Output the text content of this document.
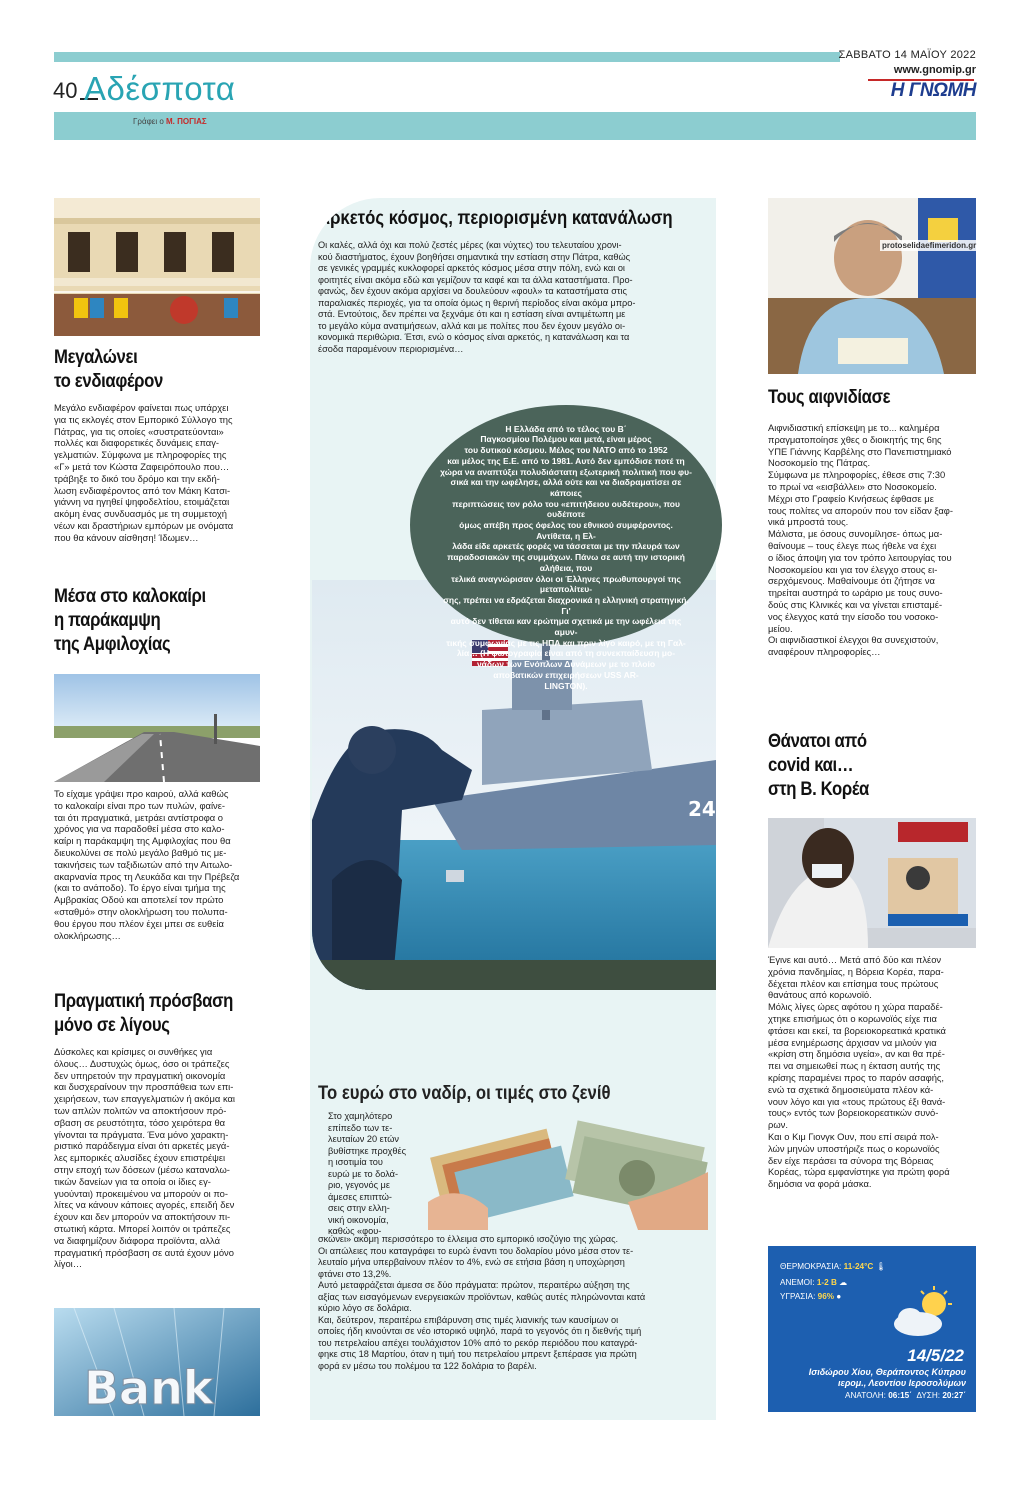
ΣΑΒΒΑΤΟ 14 ΜΑΪΟΥ 2022
www.gnomip.gr
Η ΓΝΩΜΗ
40 Αδέσποτα
Γράφει ο Μ. ΠΟΓΙΑΣ
Μεγαλώνει
το ενδιαφέρον
Μεγάλο ενδιαφέρον φαίνεται πως υπάρχει
για τις εκλογές στον Εμπορικό Σύλλογο της
Πάτρας, για τις οποίες «συστρατεύονται»
πολλές και διαφορετικές δυνάμεις επαγ-
γελματιών. Σύμφωνα με πληροφορίες της
«Γ» μετά τον Κώστα Ζαφειρόπουλο που…
τράβηξε το δικό του δρόμο και την εκδή-
λωση ενδιαφέροντος από τον Μάκη Κατσι-
γιάννη να ηγηθεί ψηφοδελτίου, ετοιμάζεται
ακόμη ένας συνδυασμός με τη συμμετοχή
νέων και δραστήριων εμπόρων με ονόματα
που θα κάνουν αίσθηση! Ίδωμεν…
Μέσα στο καλοκαίρι
η παράκαμψη
της Αμφιλοχίας
Το είχαμε γράψει προ καιρού, αλλά καθώς
το καλοκαίρι είναι προ των πυλών, φαίνε-
ται ότι πραγματικά, μετράει αντίστροφα ο
χρόνος για να παραδοθεί μέσα στο καλο-
καίρι η παράκαμψη της Αμφιλοχίας που θα
διευκολύνει σε πολύ μεγάλο βαθμό τις με-
τακινήσεις των ταξιδιωτών από την Αιτωλο-
ακαρνανία προς τη Λευκάδα και την Πρέβεζα
(και το ανάποδο). Το έργο είναι τμήμα της
Αμβρακίας Οδού και αποτελεί τον πρώτο
«σταθμό» στην ολοκλήρωση του πολυπα-
θου έργου που πλέον έχει μπει σε ευθεία
ολοκλήρωσης…
Πραγματική πρόσβαση
μόνο σε λίγους
Δύσκολες και κρίσιμες οι συνθήκες για
όλους… Δυστυχώς όμως, όσο οι τράπεζες
δεν υπηρετούν την πραγματική οικονομία
και δυσχεραίνουν την προσπάθεια των επι-
χειρήσεων, των επαγγελματιών ή ακόμα και
των απλών πολιτών να αποκτήσουν πρό-
σβαση σε ρευστότητα, τόσο χειρότερα θα
γίνονται τα πράγματα. Ένα μόνο χαρακτη-
ριστικό παράδειγμα είναι ότι αρκετές μεγά-
λες εμπορικές αλυσίδες έχουν επιστρέψει
στην εποχή των δόσεων (μέσω καταναλω-
τικών δανείων για τα οποία οι ίδιες εγ-
γυούνται) προκειμένου να μπορούν οι πο-
λίτες να κάνουν κάποιες αγορές, επειδή δεν
έχουν και δεν μπορούν να αποκτήσουν πι-
στωτική κάρτα. Μπορεί λοιπόν οι τράπεζες
να διαφημίζουν διάφορα προϊόντα, αλλά
πραγματική πρόσβαση σε αυτά έχουν μόνο
λίγοι…
Bank
Αρκετός κόσμος, περιορισμένη κατανάλωση
Οι καλές, αλλά όχι και πολύ ζεστές μέρες (και νύχτες) του τελευταίου χρονι-
κού διαστήματος, έχουν βοηθήσει σημαντικά την εστίαση στην Πάτρα, καθώς
σε γενικές γραμμές κυκλοφορεί αρκετός κόσμος μέσα στην πόλη, ενώ και οι
φοιτητές είναι ακόμα εδώ και γεμίζουν τα καφέ και τα άλλα καταστήματα. Προ-
φανώς, δεν έχουν ακόμα αρχίσει να δουλεύουν «φουλ» τα καταστήματα στις
παραλιακές περιοχές, για τα οποία όμως η θερινή περίοδος είναι ακόμα μπρο-
στά. Εντούτοις, δεν πρέπει να ξεχνάμε ότι και η εστίαση είναι αντιμέτωπη με
το μεγάλο κύμα ανατιμήσεων, αλλά και με πολίτες που δεν έχουν μεγάλο οι-
κονομικά περιθώρια. Έτσι, ενώ ο κόσμος είναι αρκετός, η κατανάλωση και τα
έσοδα παραμένουν περιορισμένα…
Το ευρώ στο ναδίρ, οι τιμές στο ζενίθ
Στο χαμηλότερο
επίπεδο των τε-
λευταίων 20 ετών
βυθίστηκε προχθές
η ισοτιμία του
ευρώ με το δολά-
ριο, γεγονός με
άμεσες επιπτώ-
σεις στην ελλη-
νική οικονομία,
καθώς «φου-
σκώνει» ακόμη περισσότερο το έλλειμα στο εμπορικό ισοζύγιο της χώρας.
Οι απώλειες που καταγράφει το ευρώ έναντι του δολαρίου μόνο μέσα στον τε-
λευταίο μήνα υπερβαίνουν πλέον το 4%, ενώ σε ετήσια βάση η υποχώρηση
φτάνει στο 13,2%.
Αυτό μεταφράζεται άμεσα σε δύο πράγματα: πρώτον, περαιτέρω αύξηση της
αξίας των εισαγόμενων ενεργειακών προϊόντων, καθώς αυτές πληρώνονται κατά
κύριο λόγο σε δολάρια.
Και, δεύτερον, περαιτέρω επιβάρυνση στις τιμές λιανικής των καυσίμων οι
οποίες ήδη κινούνται σε νέο ιστορικό υψηλό, παρά το γεγονός ότι η διεθνής τιμή
του πετρελαίου απέχει τουλάχιστον 10% από το ρεκόρ περιόδου που καταγρά-
φηκε στις 18 Μαρτίου, όταν η τιμή του πετρελαίου μπρεντ ξεπέρασε για πρώτη
φορά εν μέσω του πολέμου τα 122 δολάρια το βαρέλι.
24

Η Ελλάδα από το τέλος του Β΄
Παγκοσμίου Πολέμου και μετά, είναι μέρος
του δυτικού κόσμου. Μέλος του ΝΑΤΟ από το 1952
και μέλος της Ε.Ε. από το 1981. Αυτό δεν εμπόδισε ποτέ τη
χώρα να αναπτύξει πολυδιάστατη εξωτερική πολιτική που φυ-
σικά και την ωφέλησε, αλλά ούτε και να διαδραματίσει σε κάποιες
περιπτώσεις τον ρόλο του «επιτήδειου ουδέτερου», που ουδέποτε
όμως απέβη προς όφελος του εθνικού συμφέροντος. Αντίθετα, η Ελ-
λάδα είδε αρκετές φορές να τάσσεται με την πλευρά των
παραδοσιακών της συμμάχων. Πάνω σε αυτή την ιστορική αλήθεια, που
τελικά αναγνώρισαν όλοι οι Έλληνες πρωθυπουργοί της μεταπολίτευ-
σης, πρέπει να εδράζεται διαχρονικά η ελληνική στρατηγική. Γι'
αυτό δεν τίθεται καν ερώτημα σχετικά με την ωφέλεια της αμυν-
τικής συμφωνίας με τις ΗΠΑ και πριν λίγο καιρό, με τη Γαλ-
λία… (Η φωτογραφία είναι από τη συνεκπαίδευση μο-
νάδων των Ενόπλων Δυνάμεων με το πλοίο
αποβατικών επιχειρήσεων USS AR-
LINGTON).

protoselidaefimeridon.gr
Τους αιφνιδίασε
Αιφνιδιαστική επίσκεψη με το... καλημέρα
πραγματοποίησε χθες ο διοικητής της 6ης
ΥΠΕ Γιάννης Καρβέλης στο Πανεπιστημιακό
Νοσοκομείο της Πάτρας.
Σύμφωνα με πληροφορίες, έθεσε στις 7:30
το πρωί να «εισβάλλει» στο Νοσοκομείο.
Μέχρι στο Γραφείο Κινήσεως έφθασε με
τους πολίτες να απορούν που τον είδαν ξαφ-
νικά μπροστά τους.
Μάλιστα, με όσους συνομίλησε- όπως μα-
θαίνουμε – τους έλεγε πως ήθελε να έχει
ο ίδιος άποψη για τον τρόπο λειτουργίας του
Νοσοκομείου και για τον έλεγχο στους ει-
σερχόμενους. Μαθαίνουμε ότι ζήτησε να
τηρείται αυστηρά το ωράριο με τους συνο-
δούς στις Κλινικές και να γίνεται επισταμέ-
νος έλεγχος κατά την είσοδο του νοσοκο-
μείου.
Οι αιφνιδιαστικοί έλεγχοι θα συνεχιστούν,
αναφέρουν πληροφορίες…
Θάνατοι από
covid και…
στη Β. Κορέα
Έγινε και αυτό… Μετά από δύο και πλέον
χρόνια πανδημίας, η Βόρεια Κορέα, παρα-
δέχεται πλέον και επίσημα τους πρώτους
θανάτους από κορωνοϊό.
Μόλις λίγες ώρες αφότου η χώρα παραδέ-
χτηκε επισήμως ότι ο κορωνοϊός είχε πια
φτάσει και εκεί, τα βορειοκορεατικά κρατικά
μέσα ενημέρωσης άρχισαν να μιλούν για
«κρίση στη δημόσια υγεία», αν και θα πρέ-
πει να σημειωθεί πως η έκταση αυτής της
κρίσης παραμένει προς το παρόν ασαφής,
ενώ τα σχετικά δημοσιεύματα πλέον κά-
νουν λόγο και για «τους πρώτους έξι θανά-
τους» εντός των βορειοκορεατικών συνό-
ρων.
Και ο Κιμ Γιονγκ Ουν, που επί σειρά πολ-
λών μηνών υποστήριζε πως ο κορωνοϊός
δεν είχε περάσει τα σύνορα της Βόρειας
Κορέας, τώρα εμφανίστηκε για πρώτη φορά
δημόσια να φορά μάσκα.
ΘΕΡΜΟΚΡΑΣΙΑ: 11-24°C 🌡
ΑΝΕΜΟΙ: 1-2 B ☁
ΥΓΡΑΣΙΑ: 96% ●
14/5/22
Ισιδώρου Χίου, Θεράποντος Κύπρου
ιερομ., Λεοντίου Ιεροσολύμων
ΑΝΑΤΟΛΗ: 06:15΄ ΔΥΣΗ: 20:27΄
